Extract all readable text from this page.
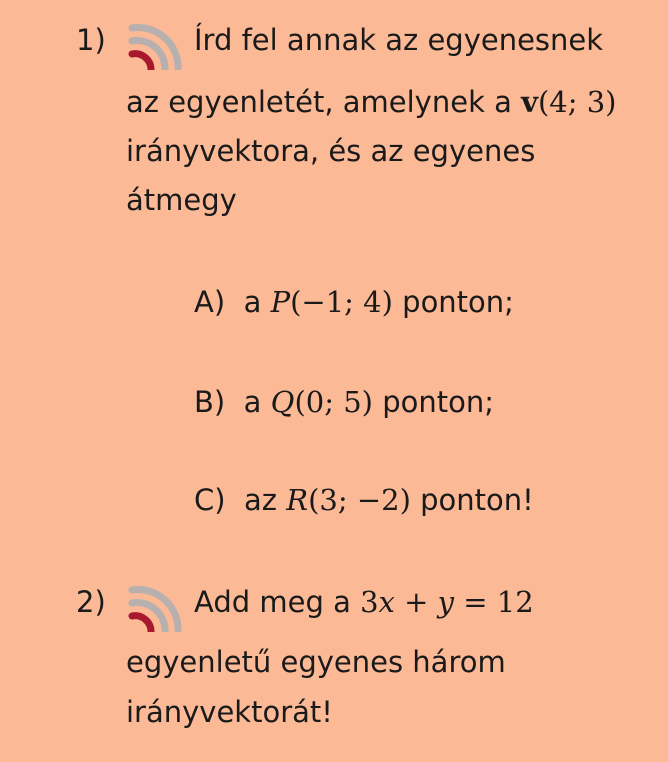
1)	Írd fel annak az egyenesnek
az egyenletét, amelynek a v(4; 3)
irányvektora, és az egyenes
átmegy
A) a P(−1; 4) ponton;
B) a Q(0; 5) ponton;
C) az R(3; −2) ponton!
2)	Add meg a 3x + y = 12
egyenletű egyenes három
irányvektorát!
